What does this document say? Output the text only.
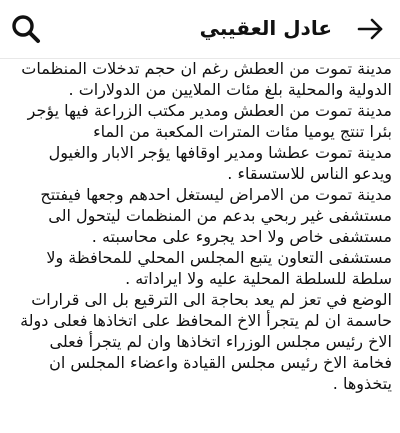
عادل العقيبي

مدينة تموت من العطش رغم ان حجم تدخلات المنظمات الدولية والمحلية بلغ مئات الملايين من الدولارات .

مدينة تموت من العطش ومدير مكتب الزراعة فيها يؤجر بئرا تنتج يوميا مئات المترات المكعبة من الماء

مدينة تموت عطشا ومدير اوقافها يؤجر الابار والغيول ويدعو الناس للاستسقاء .

مدينة تموت من الامراض ليستغل احدهم وجعها فيفتتح مستشفى غير ربحي بدعم من المنظمات ليتحول الى مستشفى خاص ولا احد يجروء على محاسبته .

مستشفى التعاون يتبع المجلس المحلي للمحافظة ولا سلطة للسلطة المحلية عليه ولا ايراداته .

الوضع في تعز لم يعد بحاجة الى الترقيع بل الى قرارات حاسمة ان لم يتجرأ الاخ المحافظ على اتخاذها فعلى دولة الاخ رئيس مجلس الوزراء اتخاذها وان لم يتجرأ فعلى فخامة الاخ رئيس مجلس القيادة واعضاء المجلس ان يتخذوها .
